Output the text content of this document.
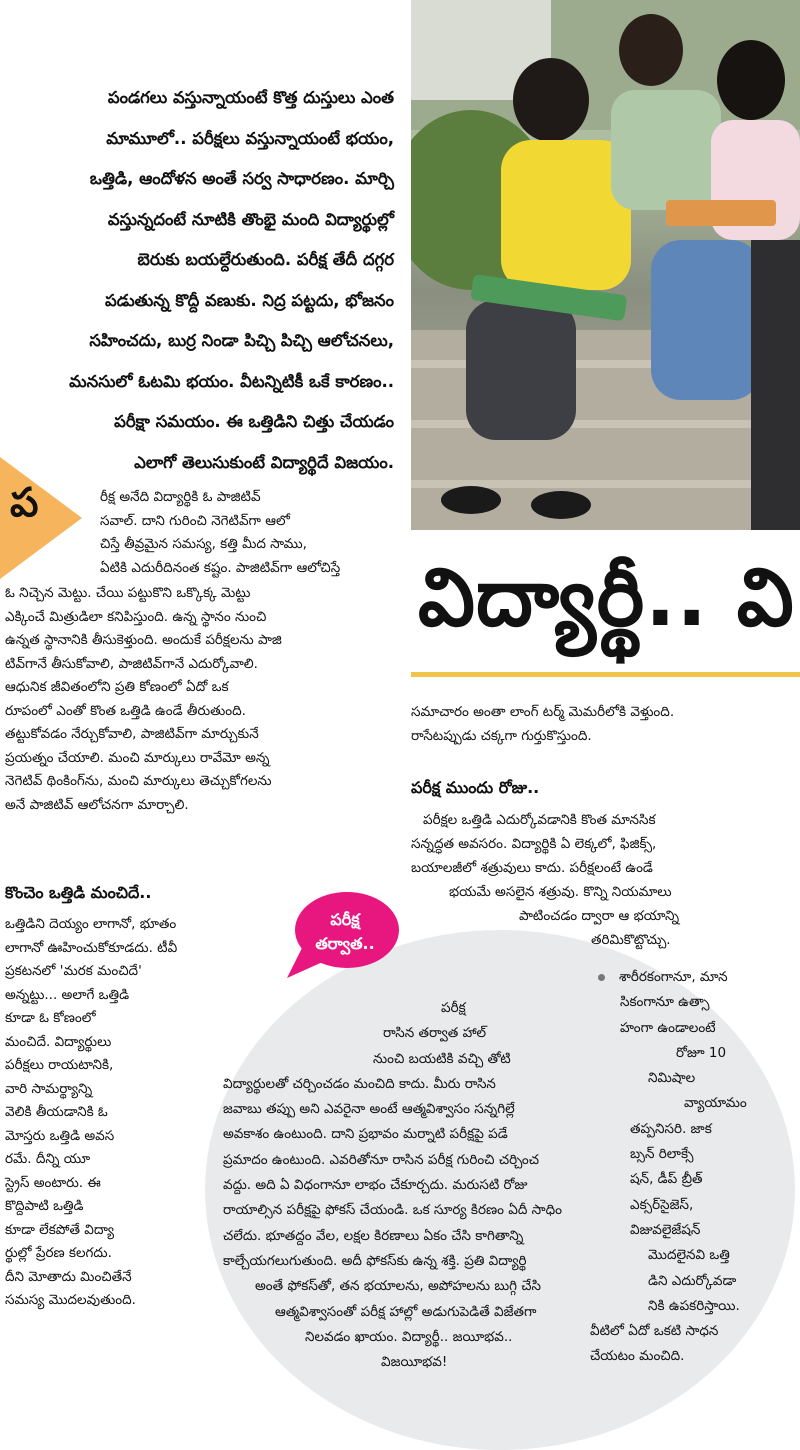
పండగలు వస్తున్నాయంటే కొత్త దుస్తులు ఎంత
మామూలో.. పరీక్షలు వస్తున్నాయంటే భయం,
ఒత్తిడి, ఆందోళన అంతే సర్వ సాధారణం. మార్చి
వస్తున్నదంటే నూటికి తొంభై మంది విద్యార్థుల్లో
బెరుకు బయల్దేరుతుంది. పరీక్ష తేదీ దగ్గర
పడుతున్న కొద్దీ వణుకు. నిద్ర పట్టదు, భోజనం
సహించదు, బుర్ర నిండా పిచ్చి పిచ్చి ఆలోచనలు,
మనసులో ఓటమి భయం. వీటన్నిటికీ ఒకే కారణం..
పరీక్షా సమయం. ఈ ఒత్తిడిని చిత్తు చేయడం
ఎలాగో తెలుసుకుంటే విద్యార్థిదే విజయం.
విద్యార్థీ.. వి
ప	రీక్ష అనేది విద్యార్థికి ఓ పాజిటివ్
సవాల్. దాని గురించి నెగెటివ్‌గా ఆలో
చిస్తే తీవ్రమైన సమస్య, కత్తి మీద సాము,
ఏటికి ఎదురీదినంత కష్టం. పాజిటివ్‌గా ఆలోచిస్తే
ఓ నిచ్చెన మెట్టు. చేయి పట్టుకొని ఒక్కొక్క మెట్టు
ఎక్కించే మిత్రుడిలా కనిపిస్తుంది. ఉన్న స్థానం నుంచి
ఉన్నత స్థానానికి తీసుకెళ్తుంది. అందుకే పరీక్షలను పాజి
టివ్‌గానే తీసుకోవాలి, పాజిటివ్‌గానే ఎదుర్కోవాలి.
ఆధునిక జీవితంలోని ప్రతి కోణంలో ఏదో ఒక
రూపంలో ఎంతో కొంత ఒత్తిడి ఉండే తీరుతుంది.
తట్టుకోవడం నేర్చుకోవాలి, పాజిటివ్‌గా మార్చుకునే
ప్రయత్నం చేయాలి. మంచి మార్కులు రావేమో అన్న
నెగెటివ్ థింకింగ్‌ను, మంచి మార్కులు తెచ్చుకోగలను
అనే పాజిటివ్ ఆలోచనగా మార్చాలి.
కొంచెం ఒత్తిడి మంచిదే..
ఒత్తిడిని దెయ్యం లాగానో, భూతం
లాగానో ఊహించుకోకూడదు. టీవీ
ప్రకటనలో 'మరక మంచిదే'
అన్నట్టు... అలాగే ఒత్తిడి
కూడా ఓ కోణంలో
మంచిదే. విద్యార్థులు
పరీక్షలు రాయటానికి,
వారి సామర్థ్యాన్ని
వెలికి తీయడానికి ఓ
మోస్తరు ఒత్తిడి అవస
రమే. దీన్ని యూ
స్ట్రెస్ అంటారు. ఈ
కొద్దిపాటి ఒత్తిడి
కూడా లేకపోతే విద్యా
ర్థుల్లో ప్రేరణ కలగదు.
దీని మోతాదు మించితేనే
సమస్య మొదలవుతుంది.
సమాచారం అంతా లాంగ్ టర్మ్ మెమరీలోకి వెళ్తుంది.
రాసేటప్పుడు చక్కగా గుర్తుకొస్తుంది.
పరీక్ష ముందు రోజు..
పరీక్షల ఒత్తిడి ఎదుర్కోవడానికి కొంత మానసిక
సన్నద్ధత అవసరం. విద్యార్థికి ఏ లెక్కలో, ఫిజిక్స్,
బయాలజీలో శత్రువులు కాదు. పరీక్షలంటే ఉండే
భయమే అసలైన శత్రువు. కొన్ని నియమాలు
పాటించడం ద్వారా ఆ భయాన్ని
తరిమికొట్టొచ్చు.
పరీక్ష
తర్వాత..
పరీక్ష
రాసిన తర్వాత హాల్
నుంచి బయటికి వచ్చి తోటి
విద్యార్థులతో చర్చించడం మంచిది కాదు. మీరు రాసిన
జవాబు తప్పు అని ఎవరైనా అంటే ఆత్మవిశ్వాసం సన్నగిల్లే
అవకాశం ఉంటుంది. దాని ప్రభావం మర్నాటి పరీక్షపై పడే
ప్రమాదం ఉంటుంది. ఎవరితోనూ రాసిన పరీక్ష గురించి చర్చించ
వద్దు. అది ఏ విధంగానూ లాభం చేకూర్చదు. మరుసటి రోజు
రాయాల్సిన పరీక్షపై ఫోకస్ చేయండి. ఒక సూర్య కిరణం ఏదీ సాధిం
చలేదు. భూతద్దం వేల, లక్షల కిరణాలు ఏకం చేసి కాగితాన్ని
కాల్చేయగలుగుతుంది. అదీ ఫోకస్‌కు ఉన్న శక్తి. ప్రతి విద్యార్థి
అంతే ఫోకస్‌తో, తన భయాలను, అపోహలను బుగ్గి చేసి
ఆత్మవిశ్వాసంతో పరీక్ష హాల్లో అడుగుపెడితే విజేతగా
నిలవడం ఖాయం. విద్యార్థీ.. జయీభవ..
విజయీభవ!
శారీరకంగానూ, మాన
సికంగానూ ఉత్సా
హంగా ఉండాలంటే
రోజూ 10
నిమిషాల
వ్యాయామం
తప్పనిసరి. జాక
బ్సన్ రిలాక్సే
షన్, డీప్ బ్రీత్
ఎక్సర్‌సైజెస్,
విజువలైజేషన్
మొదలైనవి ఒత్తి
డిని ఎదుర్కోవడా
నికి ఉపకరిస్తాయి.
వీటిలో ఏదో ఒకటి సాధన
చేయటం మంచిది.
